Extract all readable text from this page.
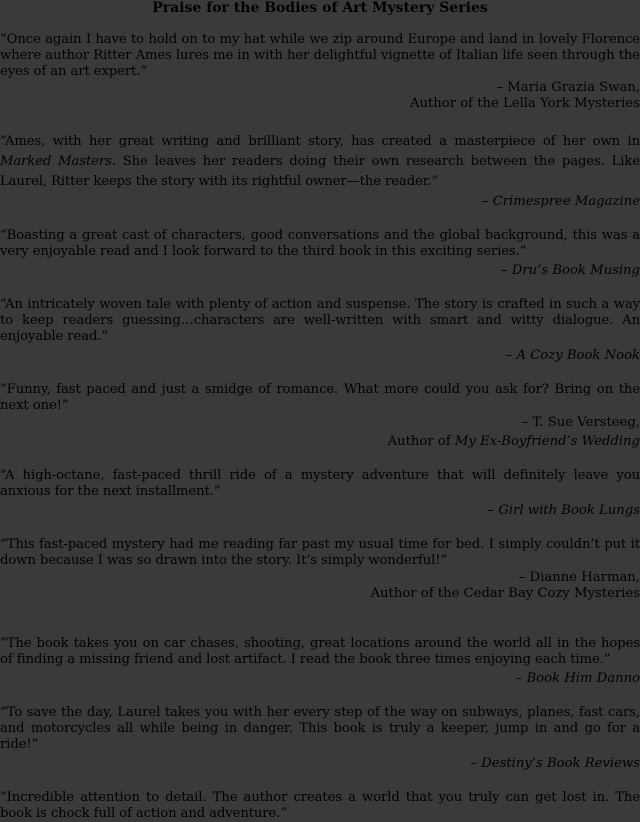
Praise for the Bodies of Art Mystery Series

“Once again I have to hold on to my hat while we zip around Europe and land in lovely Florence where author Ritter Ames lures me in with her delightful vignette of Italian life seen through the eyes of an art expert.”

– Maria Grazia Swan,

Author of the Lella York Mysteries

“Ames, with her great writing and brilliant story, has created a masterpiece of her own in Marked Masters. She leaves her readers doing their own research between the pages. Like Laurel, Ritter keeps the story with its rightful owner—the reader.”

– Crimespree Magazine

“Boasting a great cast of characters, good conversations and the global background, this was a very enjoyable read and I look forward to the third book in this exciting series.”

– Dru’s Book Musing

“An intricately woven tale with plenty of action and suspense. The story is crafted in such a way to keep readers guessing…characters are well-written with smart and witty dialogue. An enjoyable read.”

– A Cozy Book Nook

“Funny, fast paced and just a smidge of romance. What more could you ask for? Bring on the next one!”

– T. Sue Versteeg,

Author of My Ex-Boyfriend’s Wedding

“A high-octane, fast-paced thrill ride of a mystery adventure that will definitely leave you anxious for the next installment.”

– Girl with Book Lungs

“This fast-paced mystery had me reading far past my usual time for bed. I simply couldn’t put it down because I was so drawn into the story. It’s simply wonderful!”

– Dianne Harman,

Author of the Cedar Bay Cozy Mysteries

“The book takes you on car chases, shooting, great locations around the world all in the hopes of finding a missing friend and lost artifact. I read the book three times enjoying each time.”

– Book Him Danno

“To save the day, Laurel takes you with her every step of the way on subways, planes, fast cars, and motorcycles all while being in danger. This book is truly a keeper, jump in and go for a ride!”

– Destiny’s Book Reviews

“Incredible attention to detail. The author creates a world that you truly can get lost in. The book is chock full of action and adventure.”
